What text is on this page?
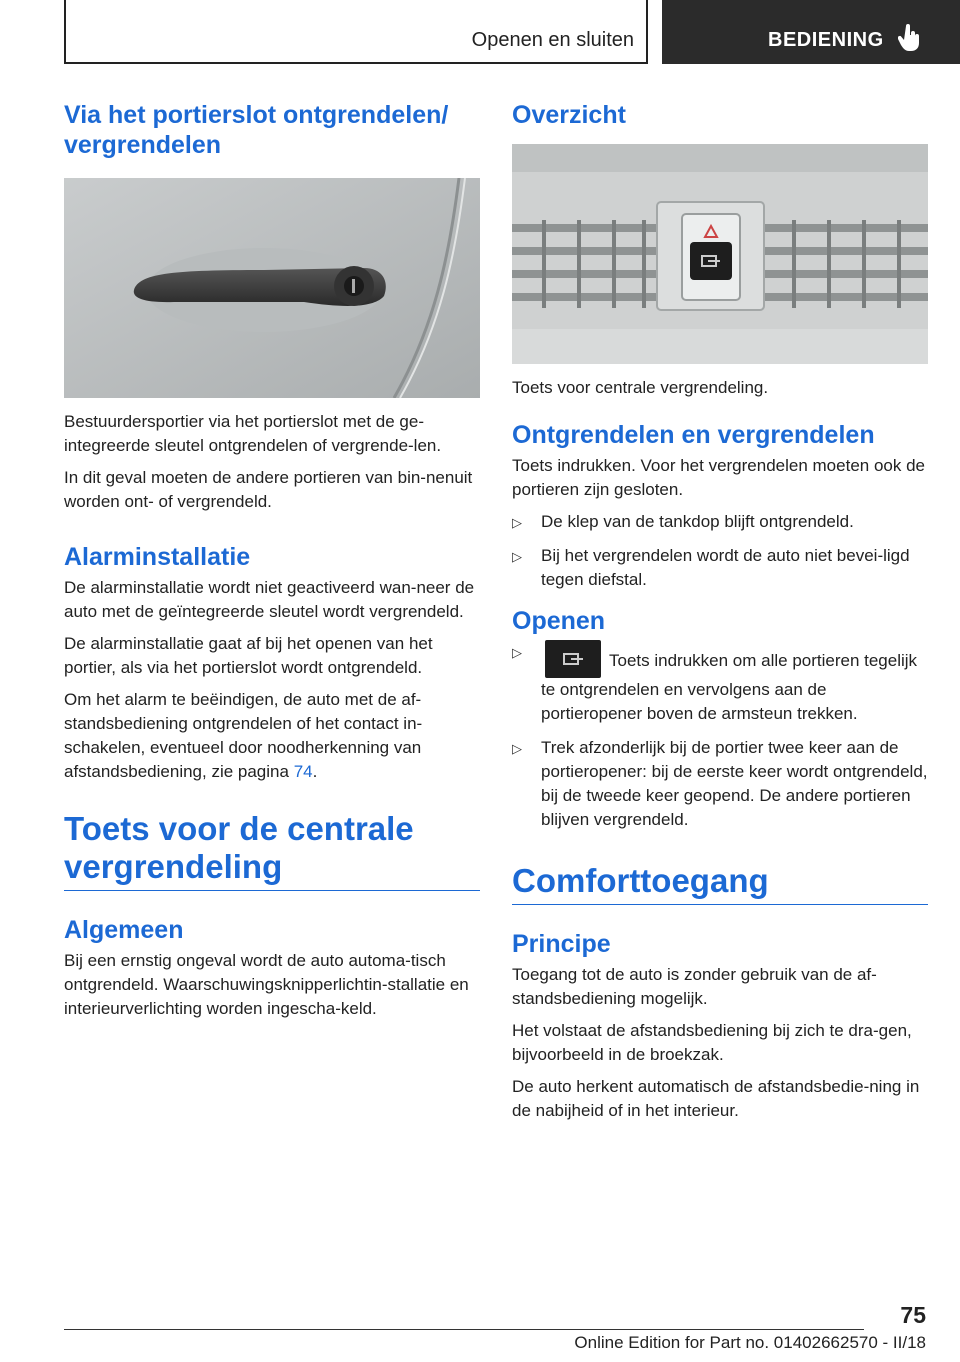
Openen en sluiten	BEDIENING
Via het portierslot ontgrendelen/​vergrendelen

Bestuurdersportier via het portierslot met de ge-integreerde sleutel ontgrendelen of vergrende-len.

In dit geval moeten de andere portieren van bin-nenuit worden ont- of vergrendeld.

Alarminstallatie

De alarminstallatie wordt niet geactiveerd wan-neer de auto met de geïntegreerde sleutel wordt vergrendeld.

De alarminstallatie gaat af bij het openen van het portier, als via het portierslot wordt ontgrendeld.

Om het alarm te beëindigen, de auto met de af-standsbediening ontgrendelen of het contact in-schakelen, eventueel door noodherkenning van afstandsbediening, zie pagina 74.

Toets voor de centrale vergrendeling
Algemeen

Bij een ernstig ongeval wordt de auto automa-tisch ontgrendeld. Waarschuwingsknipperlichtin-stallatie en interieurverlichting worden ingescha-keld.

Overzicht

Toets voor centrale vergrendeling.

Ontgrendelen en vergrendelen

Toets indrukken. Voor het vergrendelen moeten ook de portieren zijn gesloten.

▷ De klep van de tankdop blijft ontgrendeld.
▷ Bij het vergrendelen wordt de auto niet bevei-ligd tegen diefstal.
Openen
▷	Toets indrukken om alle portieren tegelijk te ontgrendelen en vervolgens aan de portieropener boven de armsteun trekken.
▷ Trek afzonderlijk bij de portier twee keer aan de portieropener: bij de eerste keer wordt ontgrendeld, bij de tweede keer geopend. De andere portieren blijven vergrendeld.
Comforttoegang
Principe

Toegang tot de auto is zonder gebruik van de af-standsbediening mogelijk.

Het volstaat de afstandsbediening bij zich te dra-gen, bijvoorbeeld in de broekzak.

De auto herkent automatisch de afstandsbedie-ning in de nabijheid of in het interieur.

75
Online Edition for Part no. 01402662570 - II/18
